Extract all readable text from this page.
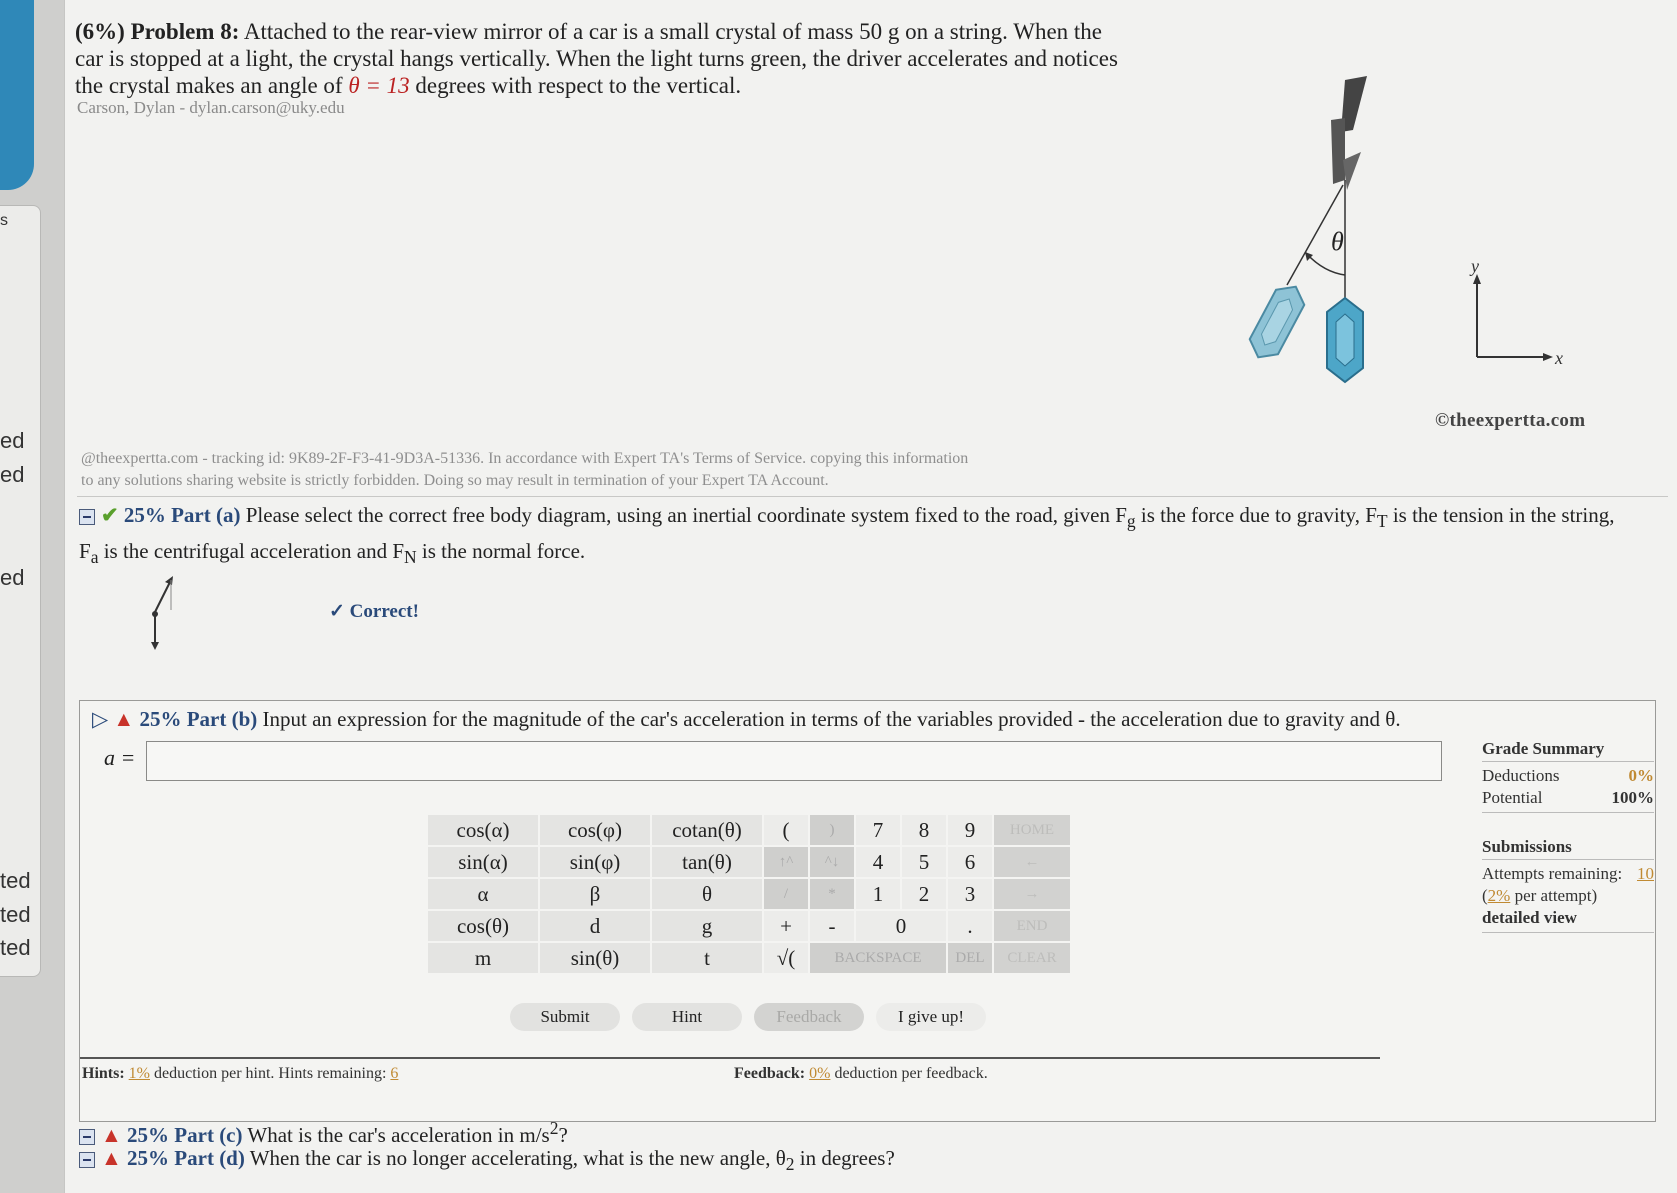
s
ed
ed
ed
ted
ted
ted
(6%) Problem 8: Attached to the rear-view mirror of a car is a small crystal of mass 50 g on a string. When the
car is stopped at a light, the crystal hangs vertically. When the light turns green, the driver accelerates and notices
the crystal makes an angle of θ = 13 degrees with respect to the vertical.
Carson, Dylan - dylan.carson@uky.edu
θ
y
x
©theexpertta.com
@theexpertta.com - tracking id: 9K89-2F-F3-41-9D3A-51336. In accordance with Expert TA's Terms of Service. copying this information
to any solutions sharing website is strictly forbidden. Doing so may result in termination of your Expert TA Account.
✔ 25% Part (a) Please select the correct free body diagram, using an inertial coordinate system fixed to the road, given $F_g$ is the force due to gravity, $F_T$ is the tension in the string, $F_a$ is the centrifugal acceleration and $F_N$ is the normal force.
✓ Correct!
▷ ▲ 25% Part (b) Input an expression for the magnitude of the car's acceleration in terms of the variables provided - the acceleration due to gravity and θ.
a =	Grade Summary
Deductions	0%
Potential	100%
Submissions
Attempts remaining: 10
(2% per attempt)
detailed view
cos(α)	cos(φ)	cotan(θ)	(	)	7	8	9	HOME
sin(α)	sin(φ)	tan(θ)	↑^	^↓	4	5	6	←
α	β	θ	/	*	1	2	3	→
cos(θ)	d	g	+	-	0		.	END
m	sin(θ)	t	√(	BACKSPACE			DEL	CLEAR
Submit	Hint	Feedback	I give up!
Hints: 1% deduction per hint. Hints remaining: 6	Feedback: 0% deduction per feedback.
▲ 25% Part (c) What is the car's acceleration in $m/s^2$?
▲ 25% Part (d) When the car is no longer accelerating, what is the new angle, $\theta_2$ in degrees?
